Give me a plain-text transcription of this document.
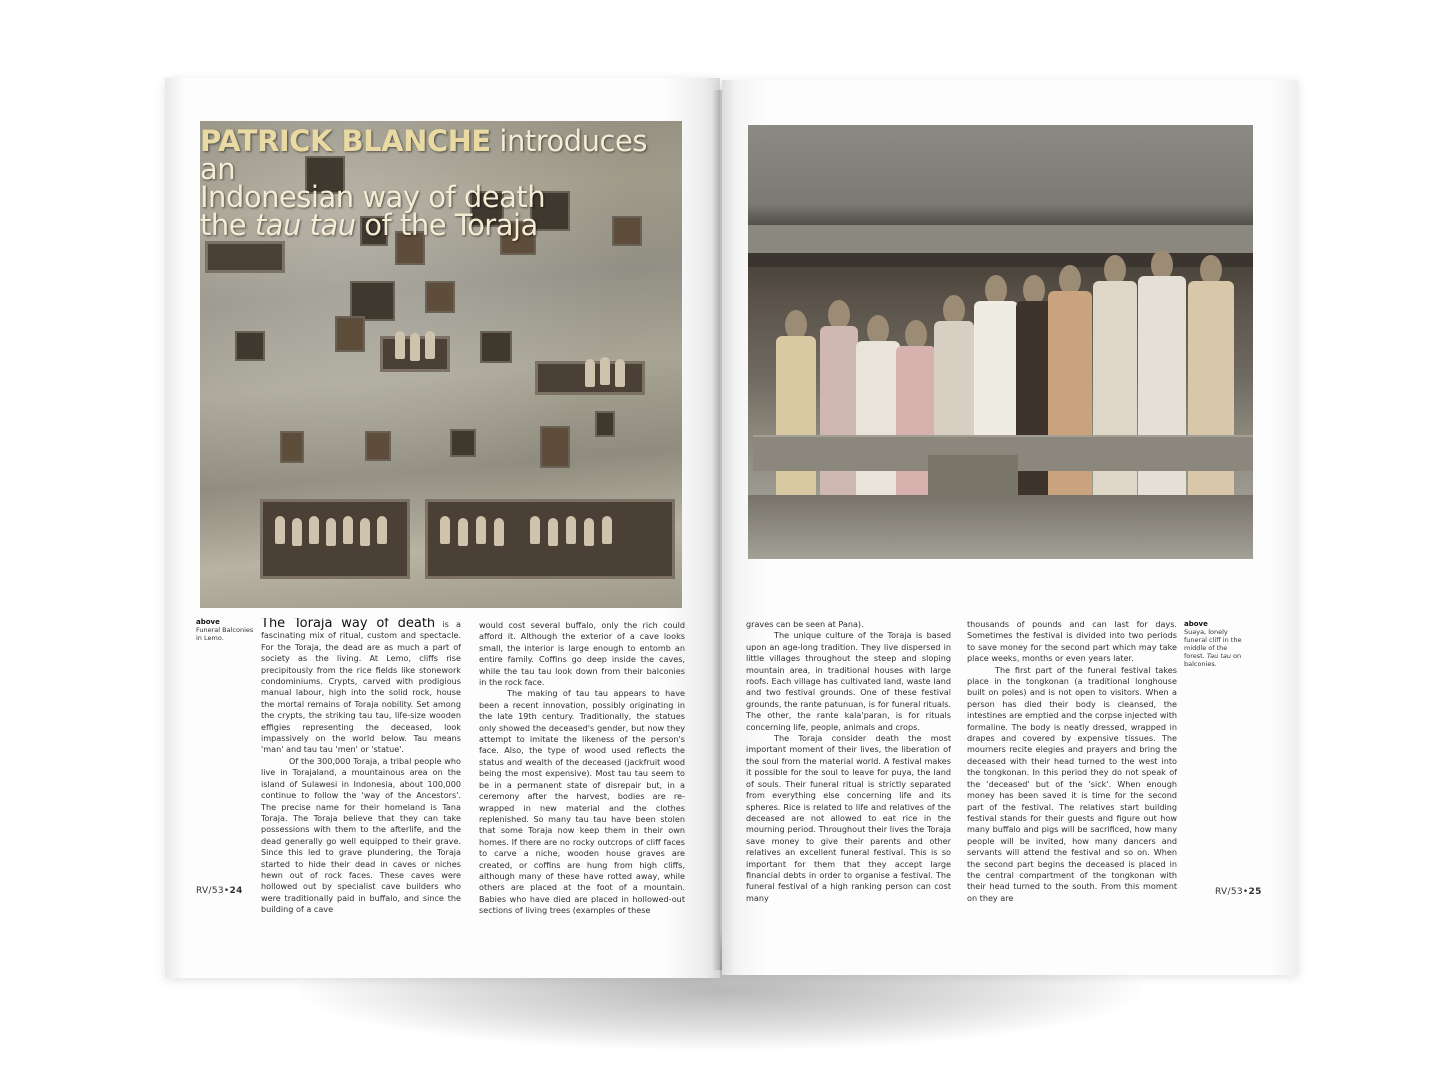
PATRICK BLANCHE introduces an
Indonesian way of death
the tau tau of the Toraja
above
Funeral Balconies in Lemo.

The Toraja way of death is a fascinating mix of ritual, custom and spectacle. For the Toraja, the dead are as much a part of society as the living. At Lemo, cliffs rise precipitously from the rice fields like stonework condominiums. Crypts, carved with prodigious manual labour, high into the solid rock, house the mortal remains of Toraja nobility. Set among the crypts, the striking tau tau, life-size wooden effigies representing the deceased, look impassively on the world below. Tau means 'man' and tau tau 'men' or 'statue'.

Of the 300,000 Toraja, a tribal people who live in Torajaland, a mountainous area on the island of Sulawesi in Indonesia, about 100,000 continue to follow the 'way of the Ancestors'. The precise name for their homeland is Tana Toraja. The Toraja believe that they can take possessions with them to the afterlife, and the dead generally go well equipped to their grave. Since this led to grave plundering, the Toraja started to hide their dead in caves or niches hewn out of rock faces. These caves were hollowed out by specialist cave builders who were traditionally paid in buffalo, and since the building of a cave

would cost several buffalo, only the rich could afford it. Although the exterior of a cave looks small, the interior is large enough to entomb an entire family. Coffins go deep inside the caves, while the tau tau look down from their balconies in the rock face.

The making of tau tau appears to have been a recent innovation, possibly originating in the late 19th century. Traditionally, the statues only showed the deceased's gender, but now they attempt to imitate the likeness of the person's face. Also, the type of wood used reflects the status and wealth of the deceased (jackfruit wood being the most expensive). Most tau tau seem to be in a permanent state of disrepair but, in a ceremony after the harvest, bodies are re-wrapped in new material and the clothes replenished. So many tau tau have been stolen that some Toraja now keep them in their own homes. If there are no rocky outcrops of cliff faces to carve a niche, wooden house graves are created, or coffins are hung from high cliffs, although many of these have rotted away, while others are placed at the foot of a mountain. Babies who have died are placed in hollowed-out sections of living trees (examples of these

RV/53•24

graves can be seen at Pana).

The unique culture of the Toraja is based upon an age-long tradition. They live dispersed in little villages throughout the steep and sloping mountain area, in traditional houses with large roofs. Each village has cultivated land, waste land and two festival grounds. One of these festival grounds, the rante patunuan, is for funeral rituals. The other, the rante kala'paran, is for rituals concerning life, people, animals and crops.

The Toraja consider death the most important moment of their lives, the liberation of the soul from the material world. A festival makes it possible for the soul to leave for puya, the land of souls. Their funeral ritual is strictly separated from everything else concerning life and its spheres. Rice is related to life and relatives of the deceased are not allowed to eat rice in the mourning period. Throughout their lives the Toraja save money to give their parents and other relatives an excellent funeral festival. This is so important for them that they accept large financial debts in order to organise a festival. The funeral festival of a high ranking person can cost many

thousands of pounds and can last for days. Sometimes the festival is divided into two periods to save money for the second part which may take place weeks, months or even years later.

The first part of the funeral festival takes place in the tongkonan (a traditional longhouse built on poles) and is not open to visitors. When a person has died their body is cleansed, the intestines are emptied and the corpse injected with formaline. The body is neatly dressed, wrapped in drapes and covered by expensive tissues. The mourners recite elegies and prayers and bring the deceased with their head turned to the west into the tongkonan. In this period they do not speak of the 'deceased' but of the 'sick'. When enough money has been saved it is time for the second part of the festival. The relatives start building festival stands for their guests and figure out how many buffalo and pigs will be sacrificed, how many people will be invited, how many dancers and servants will attend the festival and so on. When the second part begins the deceased is placed in the central compartment of the tongkonan with their head turned to the south. From this moment on they are

above
Suaya, lonely funeral cliff in the middle of the forest. Tau tau on balconies.
RV/53•25
